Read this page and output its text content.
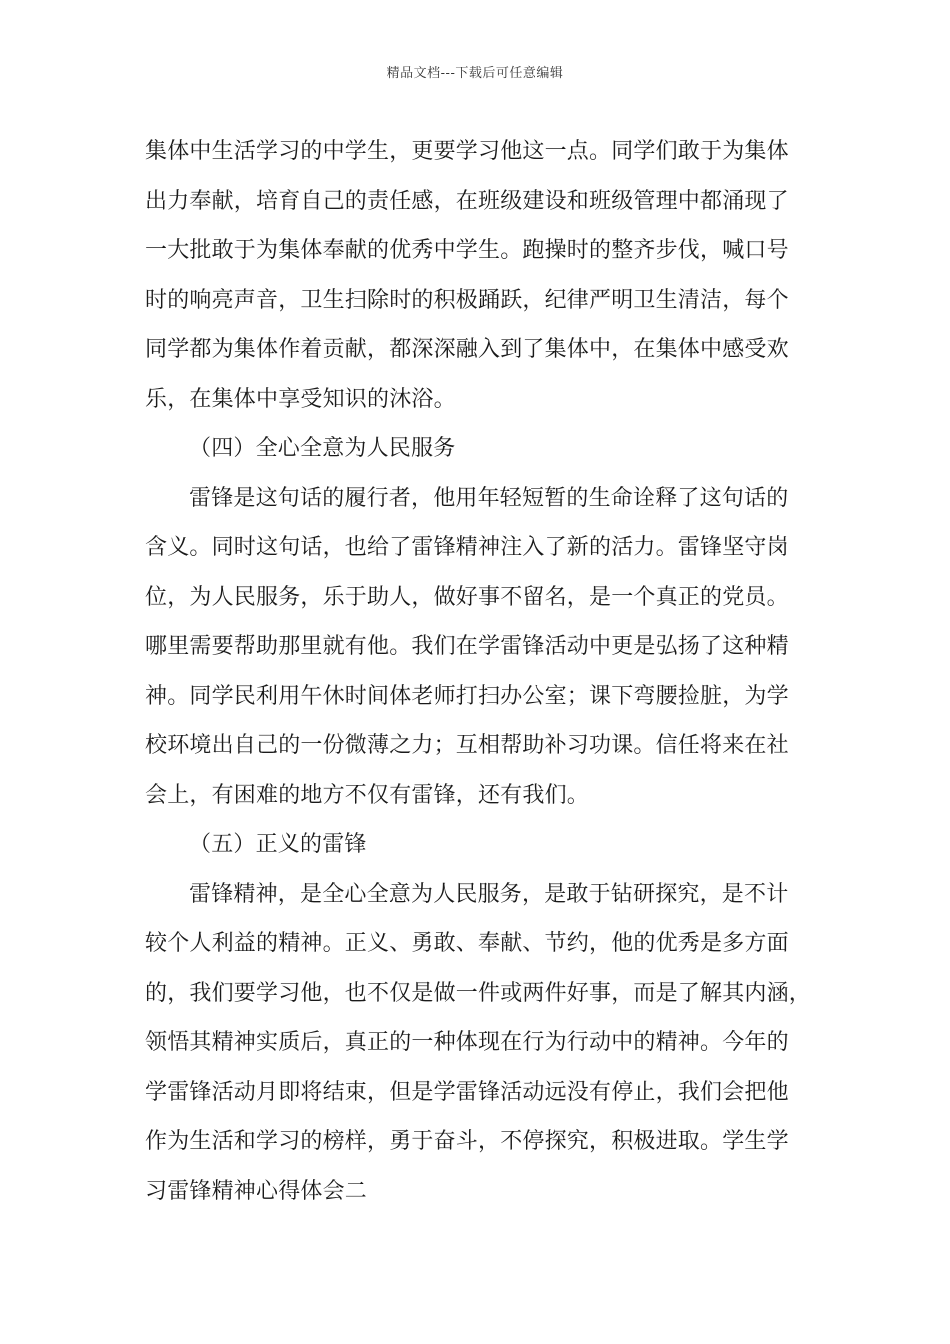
精品文档---下载后可任意编辑
集体中生活学习的中学生，更要学习他这一点。同学们敢于为集体
出力奉献，培育自己的责任感，在班级建设和班级管理中都涌现了
一大批敢于为集体奉献的优秀中学生。跑操时的整齐步伐，喊口号
时的响亮声音，卫生扫除时的积极踊跃，纪律严明卫生清洁，每个
同学都为集体作着贡献，都深深融入到了集体中，在集体中感受欢
乐，在集体中享受知识的沐浴。
（四）全心全意为人民服务
雷锋是这句话的履行者，他用年轻短暂的生命诠释了这句话的
含义。同时这句话，也给了雷锋精神注入了新的活力。雷锋坚守岗
位，为人民服务，乐于助人，做好事不留名，是一个真正的党员。
哪里需要帮助那里就有他。我们在学雷锋活动中更是弘扬了这种精
神。同学民利用午休时间体老师打扫办公室；课下弯腰捡脏，为学
校环境出自己的一份微薄之力；互相帮助补习功课。信任将来在社
会上，有困难的地方不仅有雷锋，还有我们。
（五）正义的雷锋
雷锋精神，是全心全意为人民服务，是敢于钻研探究，是不计
较个人利益的精神。正义、勇敢、奉献、节约，他的优秀是多方面
的，我们要学习他，也不仅是做一件或两件好事，而是了解其内涵，
领悟其精神实质后，真正的一种体现在行为行动中的精神。今年的
学雷锋活动月即将结束，但是学雷锋活动远没有停止，我们会把他
作为生活和学习的榜样，勇于奋斗，不停探究，积极进取。学生学
习雷锋精神心得体会二
